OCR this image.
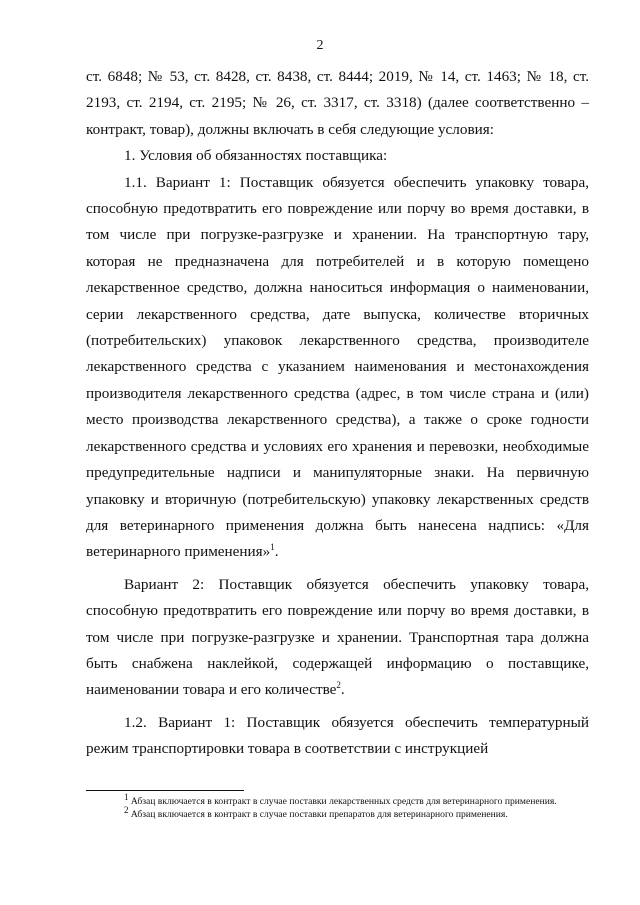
2

ст. 6848; № 53, ст. 8428, ст. 8438, ст. 8444; 2019, № 14, ст. 1463; № 18, ст. 2193, ст. 2194, ст. 2195; № 26, ст. 3317, ст. 3318) (далее соответственно – контракт, товар), должны включать в себя следующие условия:

1. Условия об обязанностях поставщика:

1.1. Вариант 1: Поставщик обязуется обеспечить упаковку товара, способную предотвратить его повреждение или порчу во время доставки, в том числе при погрузке-разгрузке и хранении. На транспортную тару, которая не предназначена для потребителей и в которую помещено лекарственное средство, должна наноситься информация о наименовании, серии лекарственного средства, дате выпуска, количестве вторичных (потребительских) упаковок лекарственного средства, производителе лекарственного средства с указанием наименования и местонахождения производителя лекарственного средства (адрес, в том числе страна и (или) место производства лекарственного средства), а также о сроке годности лекарственного средства и условиях его хранения и перевозки, необходимые предупредительные надписи и манипуляторные знаки. На первичную упаковку и вторичную (потребительскую) упаковку лекарственных средств для ветеринарного применения должна быть нанесена надпись: «Для ветеринарного применения»$^1$.

Вариант 2: Поставщик обязуется обеспечить упаковку товара, способную предотвратить его повреждение или порчу во время доставки, в том числе при погрузке-разгрузке и хранении. Транспортная тара должна быть снабжена наклейкой, содержащей информацию о поставщике, наименовании товара и его количестве$^2$.

1.2. Вариант 1: Поставщик обязуется обеспечить температурный режим транспортировки товара в соответствии с инструкцией

$^1$ Абзац включается в контракт в случае поставки лекарственных средств для ветеринарного применения.

$^2$ Абзац включается в контракт в случае поставки препаратов для ветеринарного применения.
